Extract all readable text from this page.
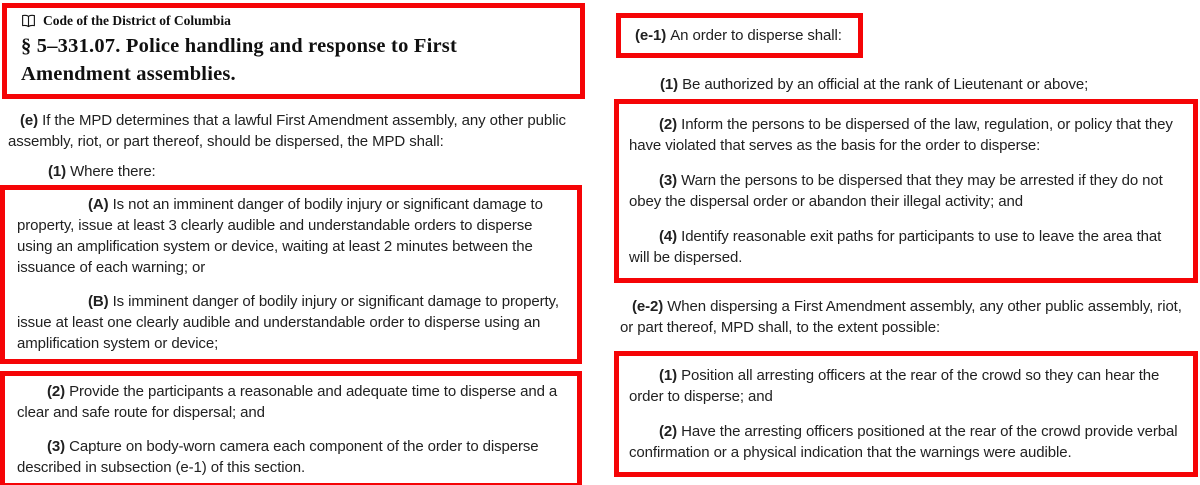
Code of the District of Columbia
§ 5–331.07. Police handling and response to First
Amendment assemblies.

(e) If the MPD determines that a lawful First Amendment assembly, any other public assembly, riot, or part thereof, should be dispersed, the MPD shall:

(1) Where there:

(A) Is not an imminent danger of bodily injury or significant damage to property, issue at least 3 clearly audible and understandable orders to disperse using an amplification system or device, waiting at least 2 minutes between the issuance of each warning; or

(B) Is imminent danger of bodily injury or significant damage to property, issue at least one clearly audible and understandable order to disperse using an amplification system or device;

(2) Provide the participants a reasonable and adequate time to disperse and a clear and safe route for dispersal; and

(3) Capture on body-worn camera each component of the order to disperse described in subsection (e-1) of this section.

(e-1) An order to disperse shall:

(1) Be authorized by an official at the rank of Lieutenant or above;

(2) Inform the persons to be dispersed of the law, regulation, or policy that they have violated that serves as the basis for the order to disperse:

(3) Warn the persons to be dispersed that they may be arrested if they do not obey the dispersal order or abandon their illegal activity; and

(4) Identify reasonable exit paths for participants to use to leave the area that will be dispersed.

(e-2) When dispersing a First Amendment assembly, any other public assembly, riot, or part thereof, MPD shall, to the extent possible:

(1) Position all arresting officers at the rear of the crowd so they can hear the order to disperse; and

(2) Have the arresting officers positioned at the rear of the crowd provide verbal confirmation or a physical indication that the warnings were audible.
